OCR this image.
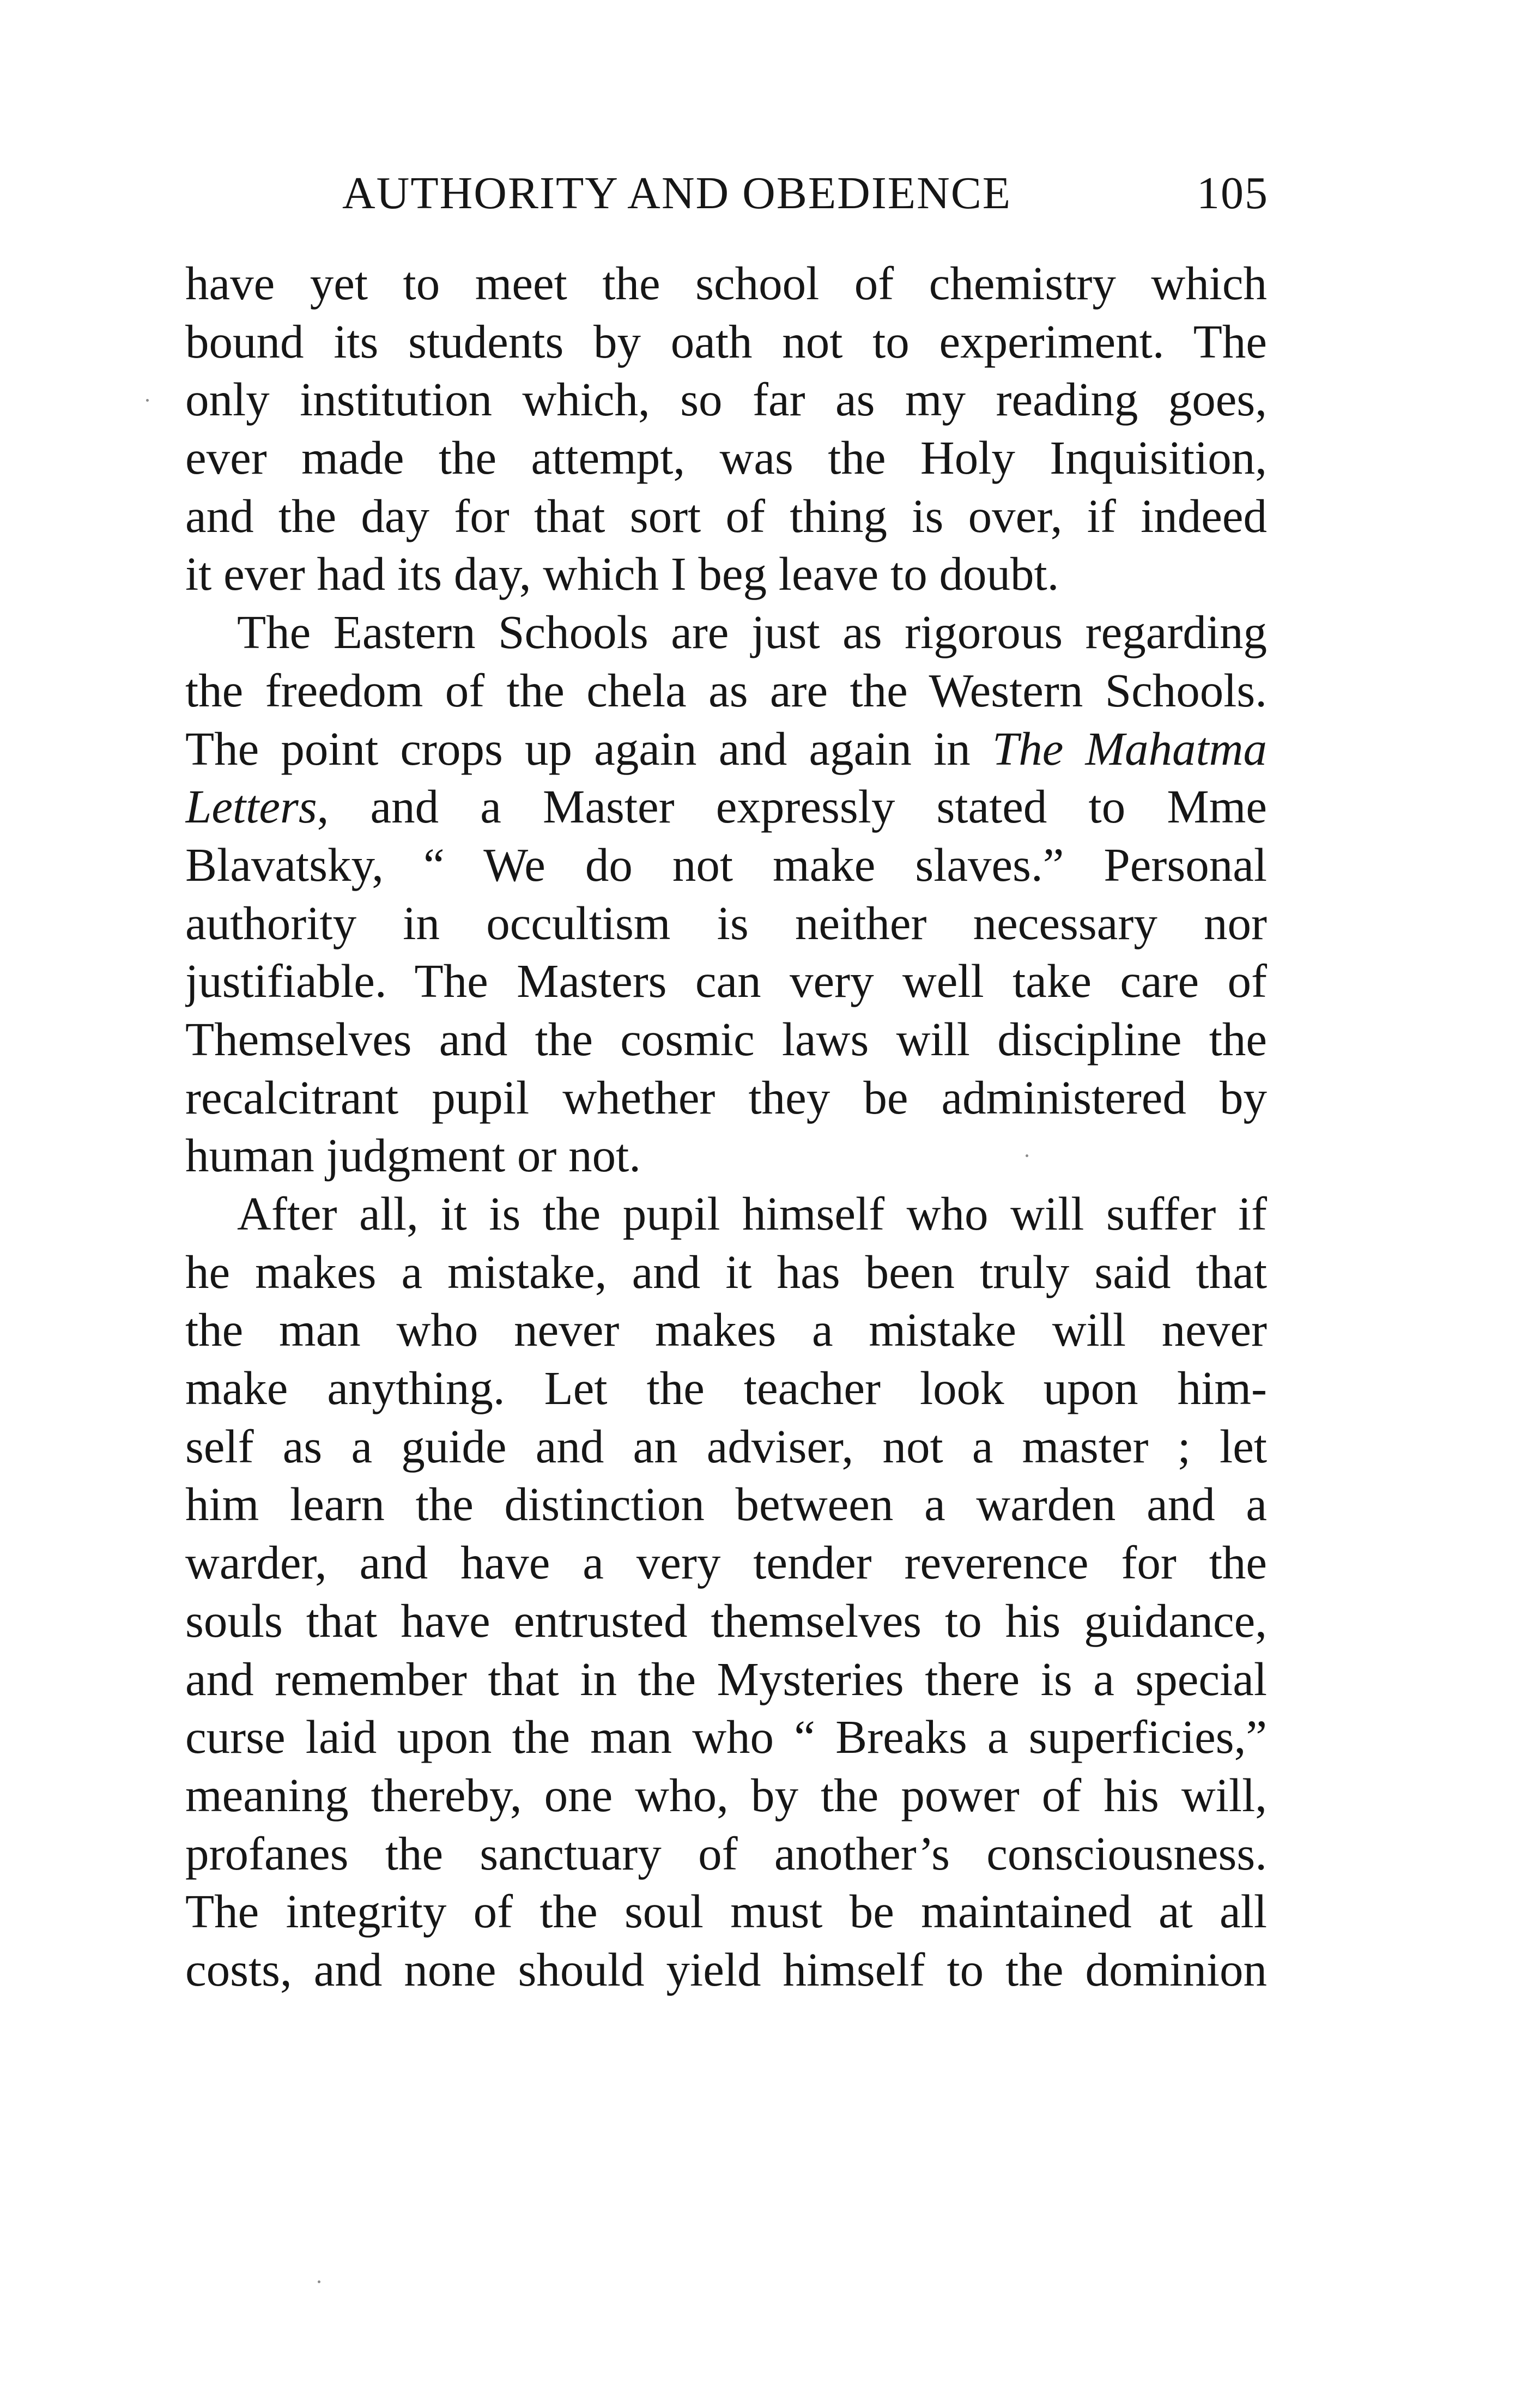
AUTHORITY AND OBEDIENCE	105
have yet to meet the school of chemistry which
bound its students by oath not to experiment. The
only institution which, so far as my reading goes,
ever made the attempt, was the Holy Inquisition,
and the day for that sort of thing is over, if indeed
it ever had its day, which I beg leave to doubt.
The Eastern Schools are just as rigorous regarding
the freedom of the chela as are the Western Schools.
The point crops up again and again in The Mahatma
Letters, and a Master expressly stated to Mme
Blavatsky, “ We do not make slaves.” Personal
authority in occultism is neither necessary nor
justifiable. The Masters can very well take care of
Themselves and the cosmic laws will discipline the
recalcitrant pupil whether they be administered by
human judgment or not.
After all, it is the pupil himself who will suffer if
he makes a mistake, and it has been truly said that
the man who never makes a mistake will never
make anything. Let the teacher look upon him-
self as a guide and an adviser, not a master ; let
him learn the distinction between a warden and a
warder, and have a very tender reverence for the
souls that have entrusted themselves to his guidance,
and remember that in the Mysteries there is a special
curse laid upon the man who “ Breaks a superficies,”
meaning thereby, one who, by the power of his will,
profanes the sanctuary of another’s consciousness.
The integrity of the soul must be maintained at all
costs, and none should yield himself to the dominion
